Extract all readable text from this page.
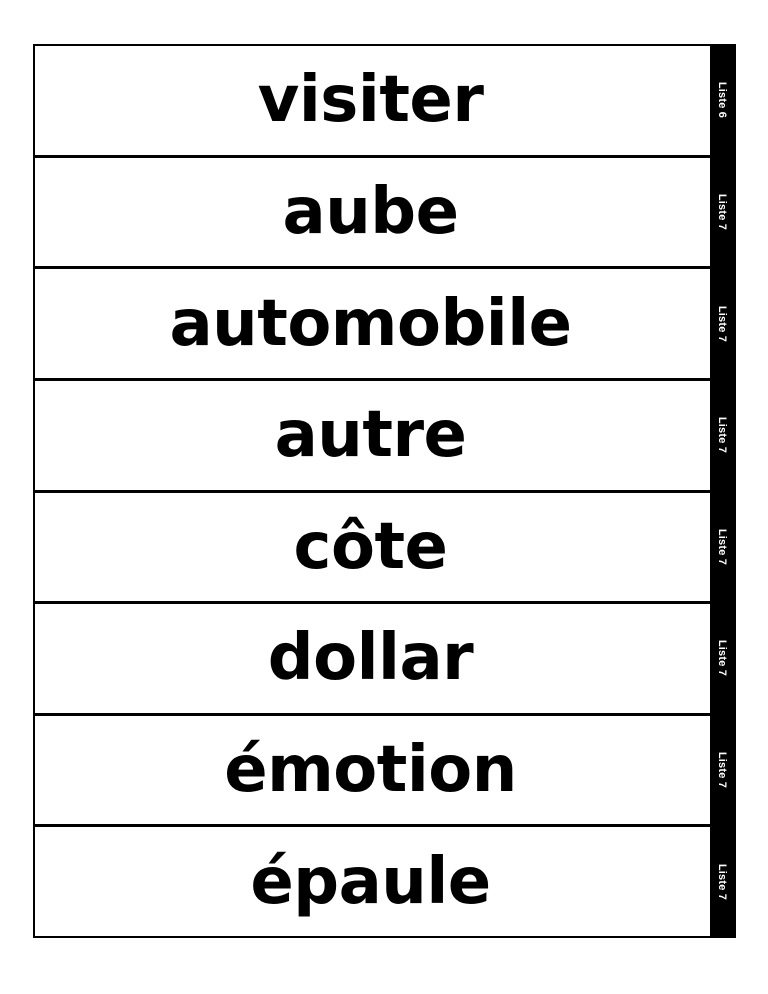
visiter	Liste 6
aube	Liste 7
automobile	Liste 7
autre	Liste 7
côte	Liste 7
dollar	Liste 7
émotion	Liste 7
épaule	Liste 7
